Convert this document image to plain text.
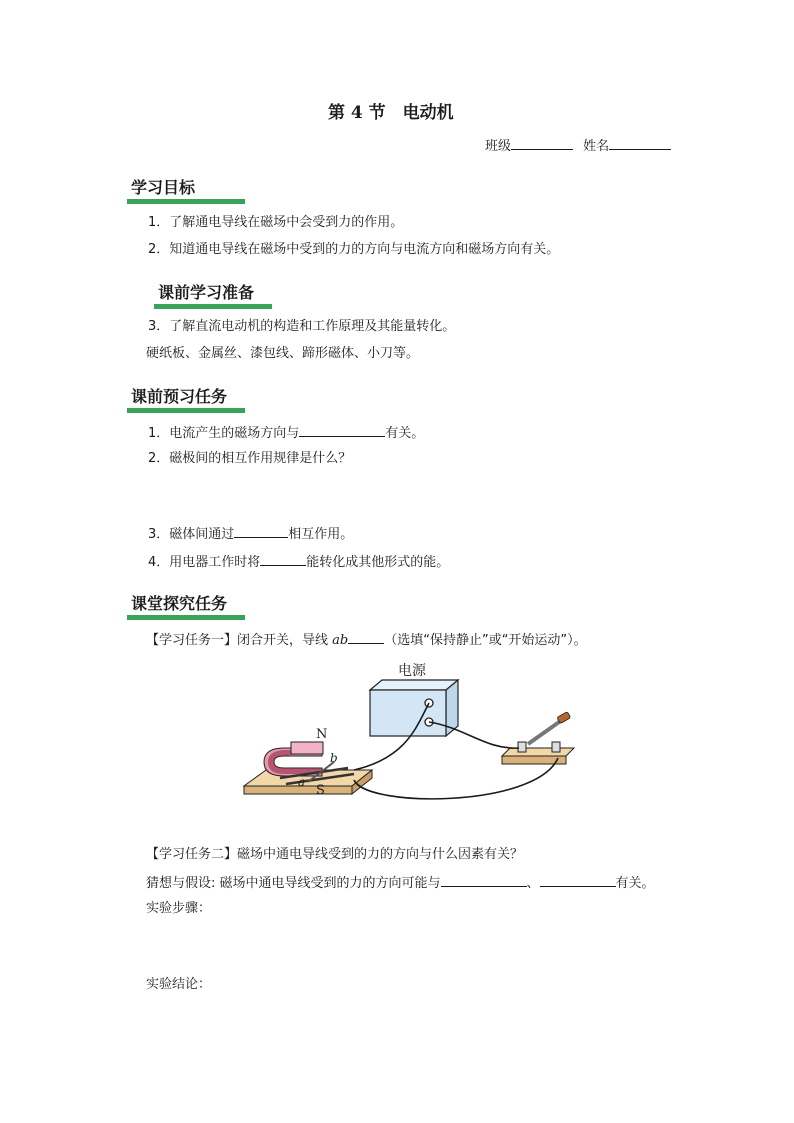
第 4 节　电动机
班级	姓名
学习目标
1．了解通电导线在磁场中会受到力的作用。
2．知道通电导线在磁场中受到的力的方向与电流方向和磁场方向有关。
课前学习准备
3．了解直流电动机的构造和工作原理及其能量转化。
硬纸板、金属丝、漆包线、蹄形磁体、小刀等。
课前预习任务
1．电流产生的磁场方向与	有关。
2．磁极间的相互作用规律是什么？
3．磁体间通过	相互作用。
4．用电器工作时将	能转化成其他形式的能。
课堂探究任务
【学习任务一】闭合开关，导线 ab	（选填“保持静止”或“开始运动”）。
电源
N
S
a
b
【学习任务二】磁场中通电导线受到的力的方向与什么因素有关？
猜想与假设: 磁场中通电导线受到的力的方向可能与	、	有关。
实验步骤：
实验结论：
